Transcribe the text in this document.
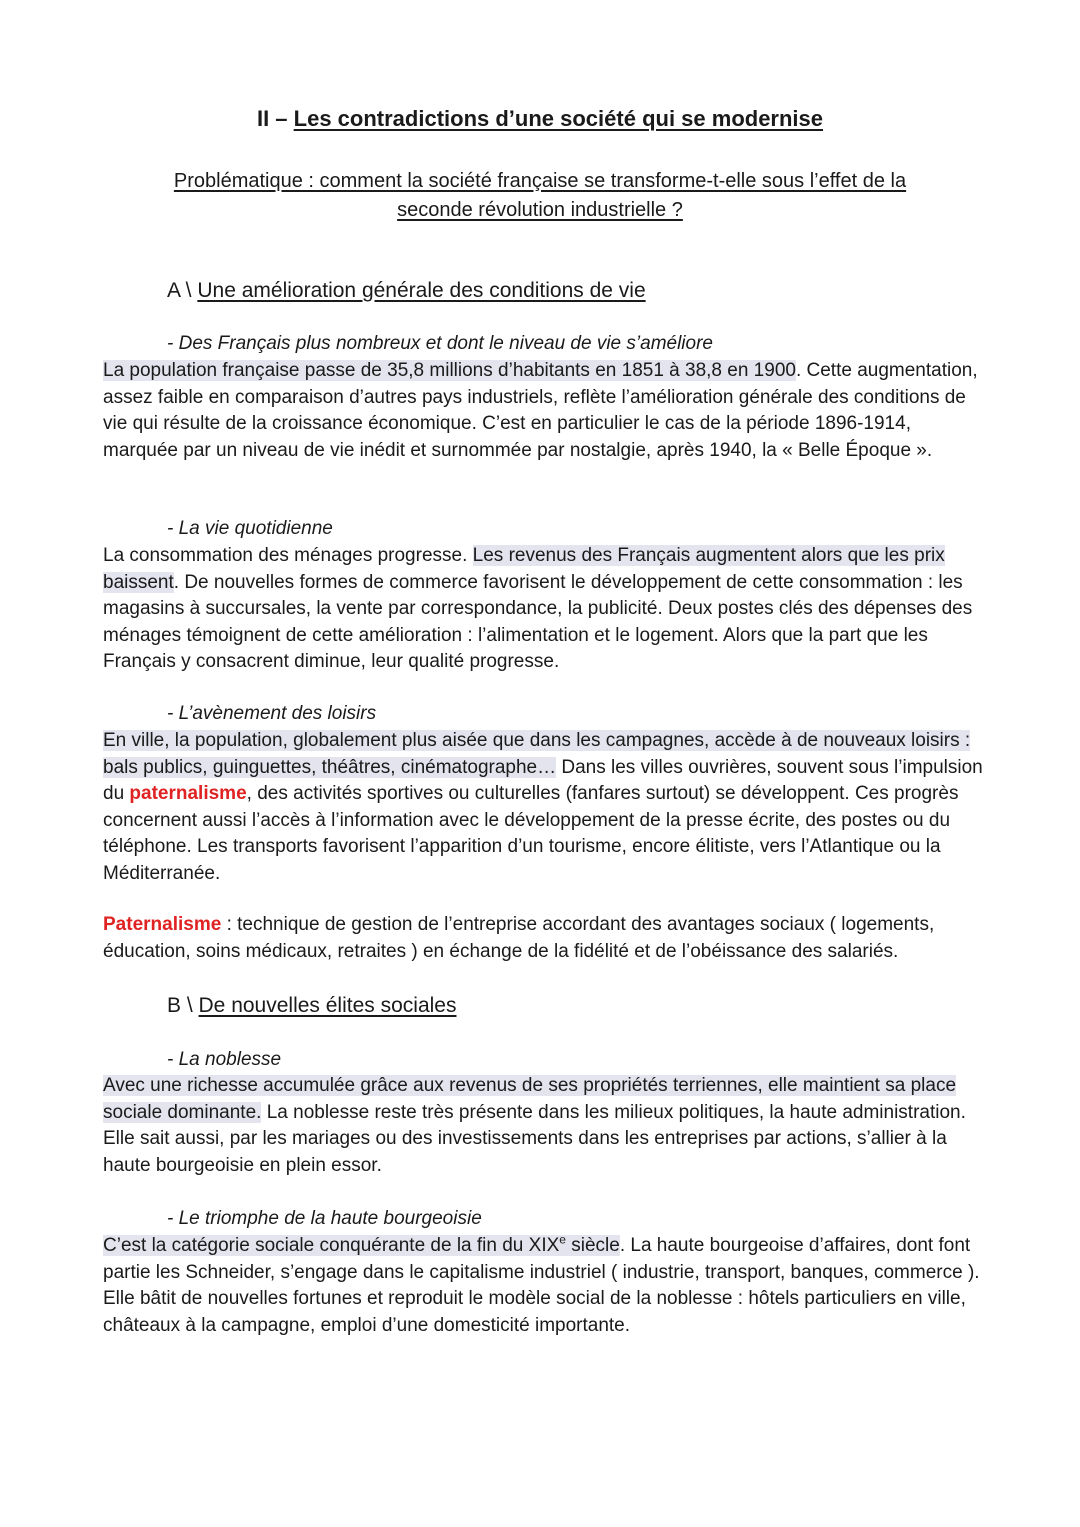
II – Les contradictions d’une société qui se modernise
Problématique : comment la société française se transforme-t-elle sous l’effet de la
seconde révolution industrielle ?
A \ Une amélioration générale des conditions de vie
- Des Français plus nombreux et dont le niveau de vie s’améliore

La population française passe de 35,8 millions d’habitants en 1851 à 38,8 en 1900. Cette augmentation, assez faible en comparaison d’autres pays industriels, reflète l’amélioration générale des conditions de vie qui résulte de la croissance économique. C’est en particulier le cas de la période 1896-1914, marquée par un niveau de vie inédit et surnommée par nostalgie, après 1940, la « Belle Époque ».

- La vie quotidienne

La consommation des ménages progresse. Les revenus des Français augmentent alors que les prix baissent. De nouvelles formes de commerce favorisent le développement de cette consommation : les magasins à succursales, la vente par correspondance, la publicité. Deux postes clés des dépenses des ménages témoignent de cette amélioration : l’alimentation et le logement. Alors que la part que les Français y consacrent diminue, leur qualité progresse.

- L’avènement des loisirs

En ville, la population, globalement plus aisée que dans les campagnes, accède à de nouveaux loisirs : bals publics, guinguettes, théâtres, cinématographe… Dans les villes ouvrières, souvent sous l’impulsion du paternalisme, des activités sportives ou culturelles (fanfares surtout) se développent. Ces progrès concernent aussi l’accès à l’information avec le développement de la presse écrite, des postes ou du téléphone. Les transports favorisent l’apparition d’un tourisme, encore élitiste, vers l’Atlantique ou la Méditerranée.

Paternalisme : technique de gestion de l’entreprise accordant des avantages sociaux ( logements, éducation, soins médicaux, retraites ) en échange de la fidélité et de l’obéissance des salariés.

B \ De nouvelles élites sociales
- La noblesse

Avec une richesse accumulée grâce aux revenus de ses propriétés terriennes, elle maintient sa place sociale dominante. La noblesse reste très présente dans les milieux politiques, la haute administration. Elle sait aussi, par les mariages ou des investissements dans les entreprises par actions, s’allier à la haute bourgeoisie en plein essor.

- Le triomphe de la haute bourgeoisie

C’est la catégorie sociale conquérante de la fin du XIXe siècle. La haute bourgeoise d’affaires, dont font partie les Schneider, s’engage dans le capitalisme industriel ( industrie, transport, banques, commerce ). Elle bâtit de nouvelles fortunes et reproduit le modèle social de la noblesse : hôtels particuliers en ville, châteaux à la campagne, emploi d’une domesticité importante.
